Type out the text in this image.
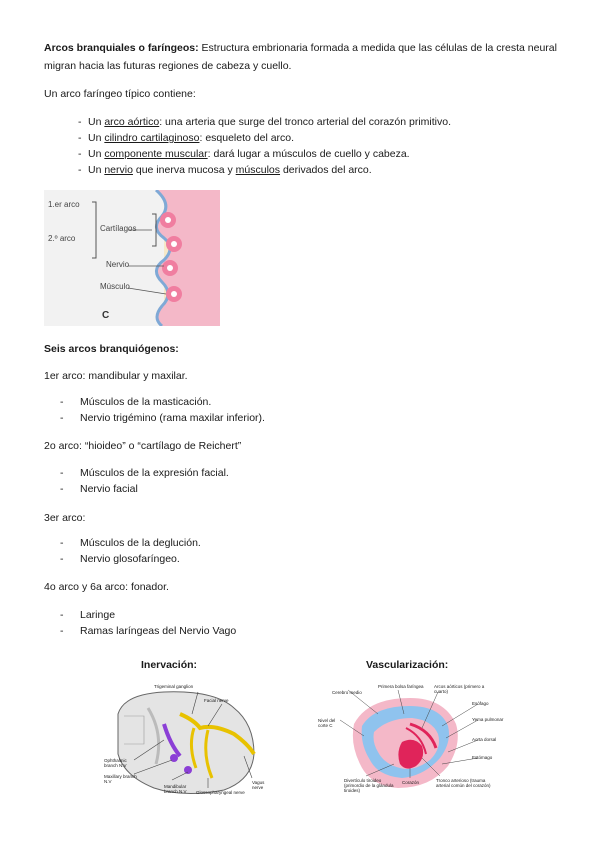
Arcos branquiales o faríngeos: Estructura embrionaria formada a medida que las células de la cresta neural
migran hacia las futuras regiones de cabeza y cuello.
Un arco faríngeo típico contiene:
- Un arco aórtico: una arteria que surge del tronco arterial del corazón primitivo.
- Un cilindro cartilaginoso: esqueleto del arco.
- Un componente muscular: dará lugar a músculos de cuello y cabeza.
- Un nervio que inerva mucosa y músculos derivados del arco.
1.er arco
2.º arco
Cartílagos
Nervio
Músculo
C
Seis arcos branquiógenos:
1er arco: mandibular y maxilar.
- Músculos de la masticación.
- Nervio trigémino (rama maxilar inferior).
2o arco: “hioideo” o “cartílago de Reichert”
- Músculos de la expresión facial.
- Nervio facial
3er arco:
- Músculos de la deglución.
- Nervio glosofaríngeo.
4o arco y 6a arco: fonador.
- Laringe
- Ramas laríngeas del Nervio Vago
Inervación:	Vascularización:
Trigeminal ganglion
Facial nerve
Ophthalmic branch N.V
Maxillary branch N.V
Mandibular branch N.V
Vagus nerve
Glossopharyngeal nerve
Cerebro medio
Primera bolsa faríngea Arcos aórticos (primero a cuarto)
Esófago
Yema pulmonar
Aorta dorsal
Estómago
Nivel del corte C
Divertículo tiroideo (primordio de la glándula tiroides)
Corazón	Tronco arterioso (trauma arterial común del corazón)
